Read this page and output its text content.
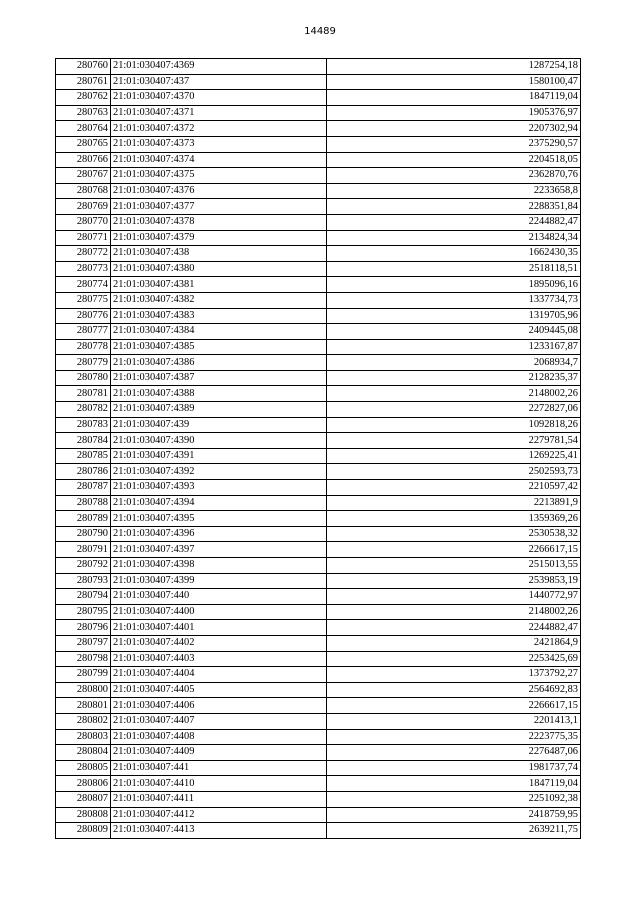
14489
280760	21:01:030407:4369	1287254,18
280761	21:01:030407:437	1580100,47
280762	21:01:030407:4370	1847119,04
280763	21:01:030407:4371	1905376,97
280764	21:01:030407:4372	2207302,94
280765	21:01:030407:4373	2375290,57
280766	21:01:030407:4374	2204518,05
280767	21:01:030407:4375	2362870,76
280768	21:01:030407:4376	2233658,8
280769	21:01:030407:4377	2288351,84
280770	21:01:030407:4378	2244882,47
280771	21:01:030407:4379	2134824,34
280772	21:01:030407:438	1662430,35
280773	21:01:030407:4380	2518118,51
280774	21:01:030407:4381	1895096,16
280775	21:01:030407:4382	1337734,73
280776	21:01:030407:4383	1319705,96
280777	21:01:030407:4384	2409445,08
280778	21:01:030407:4385	1233167,87
280779	21:01:030407:4386	2068934,7
280780	21:01:030407:4387	2128235,37
280781	21:01:030407:4388	2148002,26
280782	21:01:030407:4389	2272827,06
280783	21:01:030407:439	1092818,26
280784	21:01:030407:4390	2279781,54
280785	21:01:030407:4391	1269225,41
280786	21:01:030407:4392	2502593,73
280787	21:01:030407:4393	2210597,42
280788	21:01:030407:4394	2213891,9
280789	21:01:030407:4395	1359369,26
280790	21:01:030407:4396	2530538,32
280791	21:01:030407:4397	2266617,15
280792	21:01:030407:4398	2515013,55
280793	21:01:030407:4399	2539853,19
280794	21:01:030407:440	1440772,97
280795	21:01:030407:4400	2148002,26
280796	21:01:030407:4401	2244882,47
280797	21:01:030407:4402	2421864,9
280798	21:01:030407:4403	2253425,69
280799	21:01:030407:4404	1373792,27
280800	21:01:030407:4405	2564692,83
280801	21:01:030407:4406	2266617,15
280802	21:01:030407:4407	2201413,1
280803	21:01:030407:4408	2223775,35
280804	21:01:030407:4409	2276487,06
280805	21:01:030407:441	1981737,74
280806	21:01:030407:4410	1847119,04
280807	21:01:030407:4411	2251092,38
280808	21:01:030407:4412	2418759,95
280809	21:01:030407:4413	2639211,75
